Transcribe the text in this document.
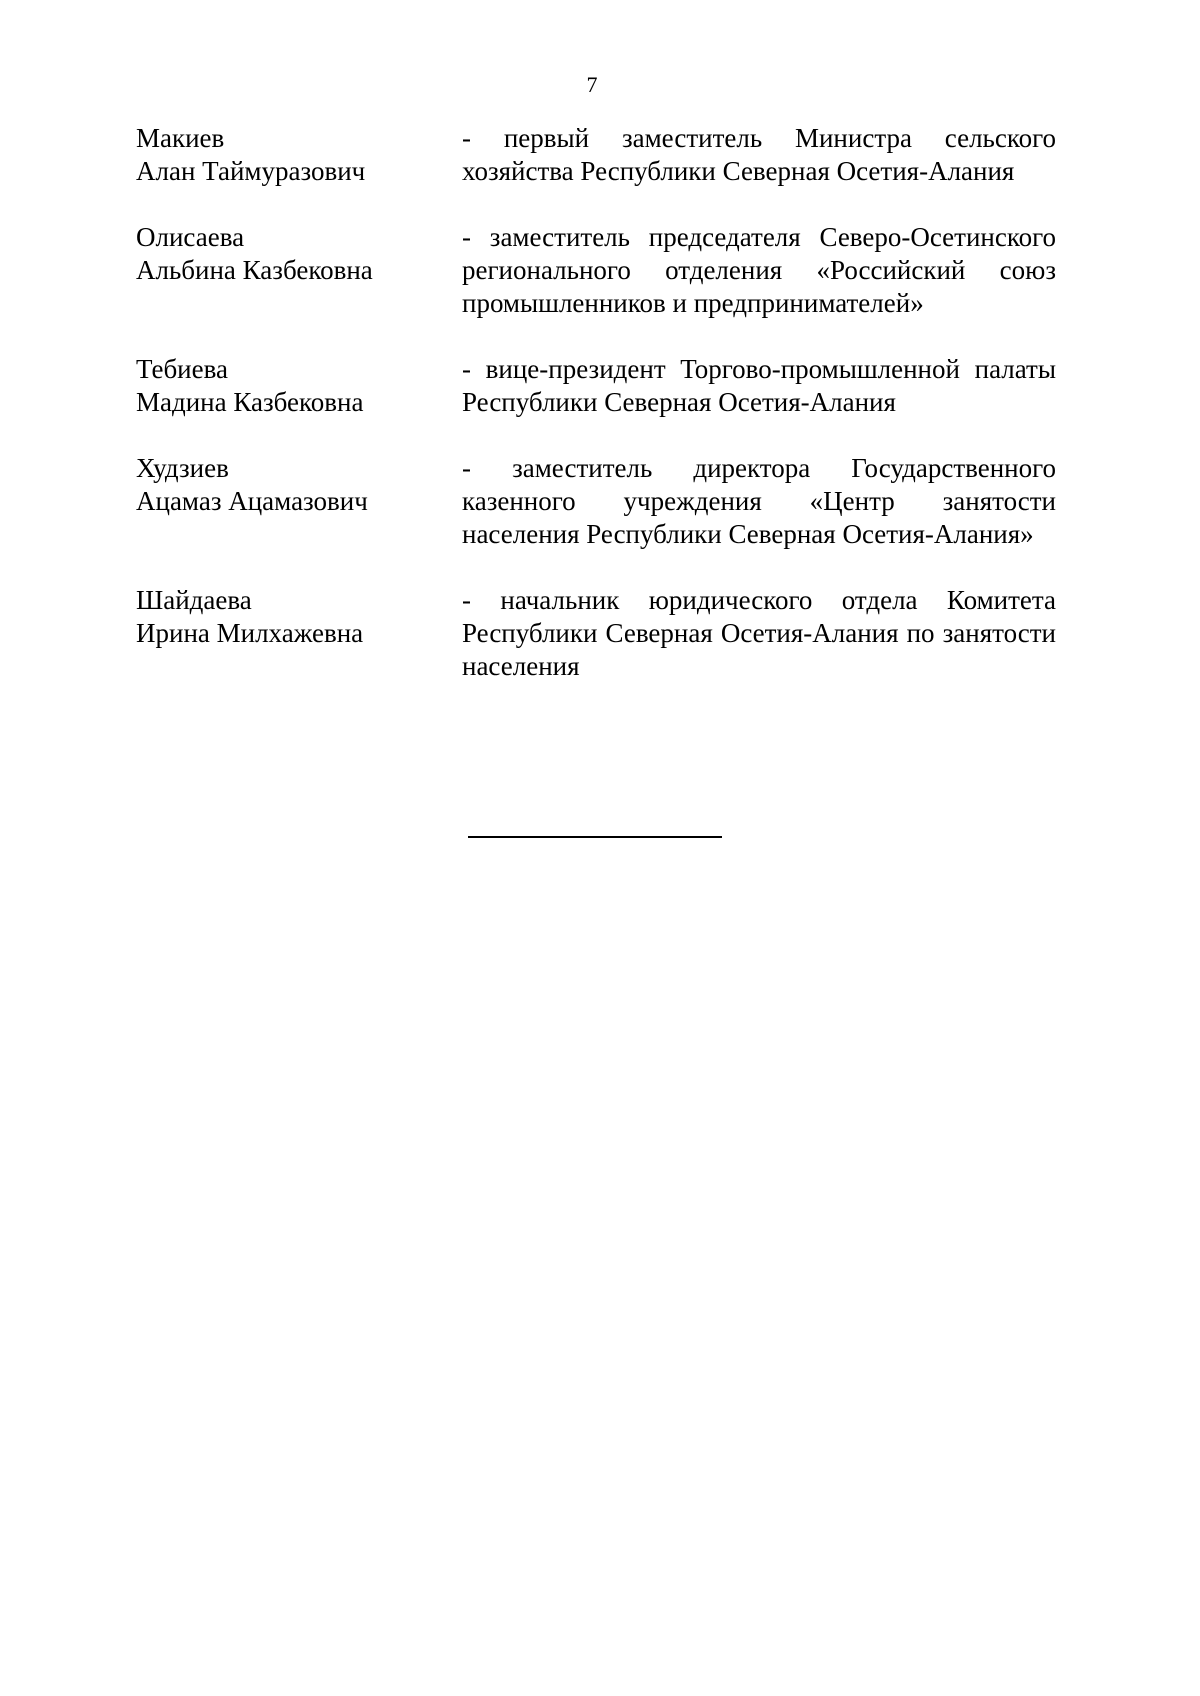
7
Макиев
Алан Таймуразович
- первый заместитель Министра сельского хозяйства Республики Северная Осетия-Алания
Олисаева
Альбина Казбековна
- заместитель председателя Северо-Осетинского регионального отделения «Российский союз промышленников и предпринимателей»
Тебиева
Мадина Казбековна
- вице-президент Торгово-промышленной палаты Республики Северная Осетия-Алания
Худзиев
Ацамаз Ацамазович
- заместитель директора Государственного казенного учреждения «Центр занятости населения Республики Северная Осетия-Алания»
Шайдаева
Ирина Милхажевна
- начальник юридического отдела Комитета Республики Северная Осетия-Алания по занятости населения
